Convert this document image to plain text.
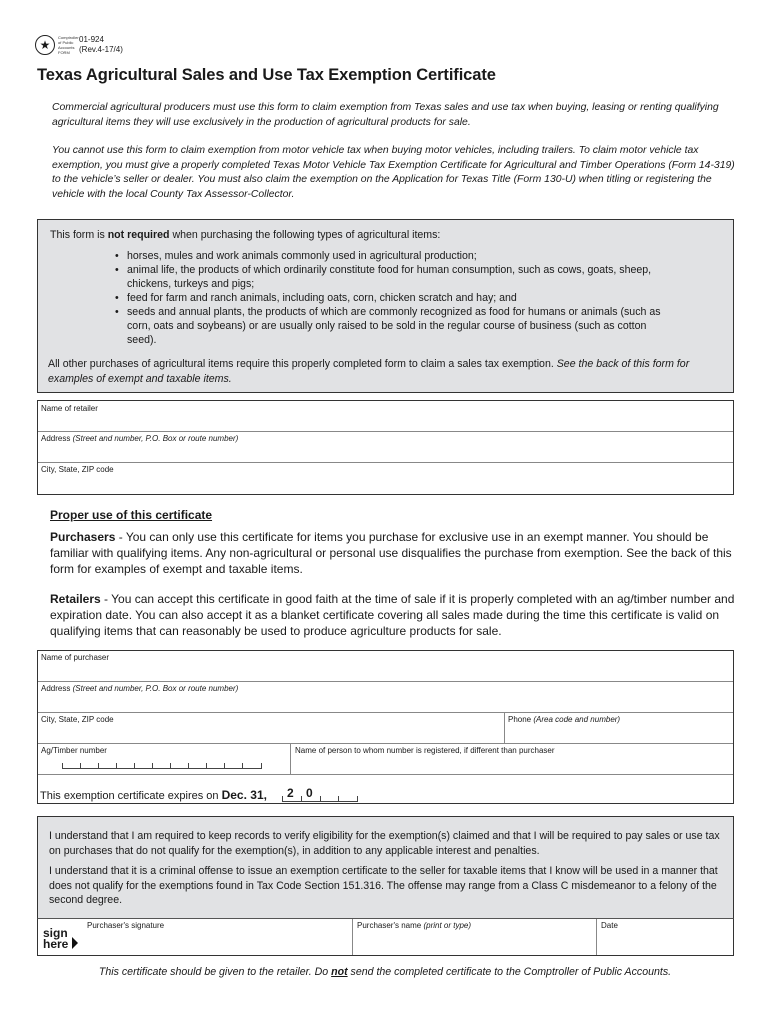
★
Comptroller
of Public
Accounts
FORM
01-924
(Rev.4-17/4)
Texas Agricultural Sales and Use Tax Exemption Certificate
Commercial agricultural producers must use this form to claim exemption from Texas sales and use tax when buying, leasing or renting qualifying agricultural items they will use exclusively in the production of agricultural products for sale.
You cannot use this form to claim exemption from motor vehicle tax when buying motor vehicles, including trailers. To claim motor vehicle tax exemption, you must give a properly completed Texas Motor Vehicle Tax Exemption Certificate for Agricultural and Timber Operations (Form 14-319) to the vehicle’s seller or dealer. You must also claim the exemption on the Application for Texas Title (Form 130-U) when titling or registering the vehicle with the local County Tax Assessor-Collector.
This form is not required when purchasing the following types of agricultural items:
• horses, mules and work animals commonly used in agricultural production;
• animal life, the products of which ordinarily constitute food for human consumption, such as cows, goats, sheep, chickens, turkeys and pigs;
• feed for farm and ranch animals, including oats, corn, chicken scratch and hay; and
• seeds and annual plants, the products of which are commonly recognized as food for humans or animals (such as corn, oats and soybeans) or are usually only raised to be sold in the regular course of business (such as cotton seed).
All other purchases of agricultural items require this properly completed form to claim a sales tax exemption. See the back of this form for examples of exempt and taxable items.
Name of retailer
Address (Street and number, P.O. Box or route number)
City, State, ZIP code
Proper use of this certificate
Purchasers - You can only use this certificate for items you purchase for exclusive use in an exempt manner. You should be familiar with qualifying items. Any non-agricultural or personal use disqualifies the purchase from exemption. See the back of this form for examples of exempt and taxable items.
Retailers - You can accept this certificate in good faith at the time of sale if it is properly completed with an ag/timber number and expiration date. You can also accept it as a blanket certificate covering all sales made during the time this certificate is valid on qualifying items that can reasonably be used to produce agriculture products for sale.
Name of purchaser
Address (Street and number, P.O. Box or route number)
City, State, ZIP code	Phone (Area code and number)
Ag/Timber number	Name of person to whom number is registered, if different than purchaser
This exemption certificate expires on Dec. 31, 2 0
I understand that I am required to keep records to verify eligibility for the exemption(s) claimed and that I will be required to pay sales or use tax on purchases that do not qualify for the exemption(s), in addition to any applicable interest and penalties.
I understand that it is a criminal offense to issue an exemption certificate to the seller for taxable items that I know will be used in a manner that does not qualify for the exemptions found in Tax Code Section 151.316. The offense may range from a Class C misdemeanor to a felony of the second degree.
sign
here
Purchaser's signature	Purchaser's name (print or type)	Date
This certificate should be given to the retailer. Do not send the completed certificate to the Comptroller of Public Accounts.
